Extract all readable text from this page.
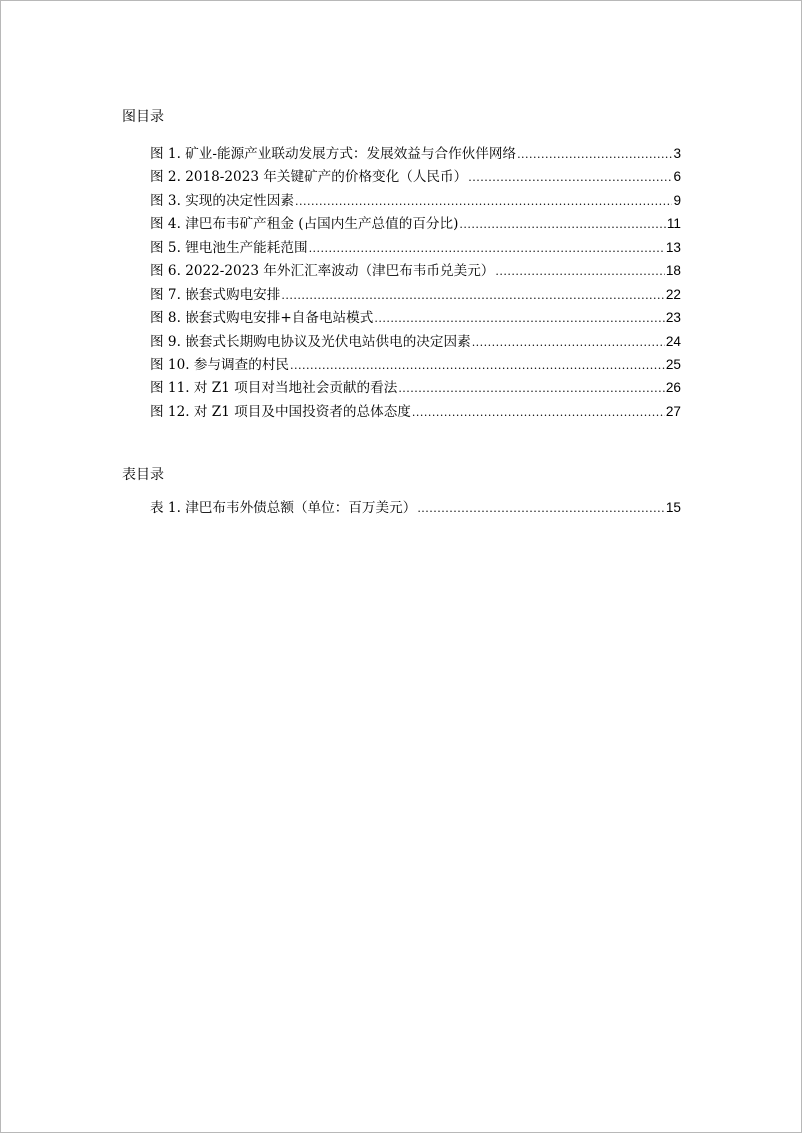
图目录
图 1. 矿业-能源产业联动发展方式：发展效益与合作伙伴网络 .....	3
图 2. 2018-2023 年关键矿产的价格变化（人民币） .....	6
图 3. 实现的决定性因素 .....	9
图 4. 津巴布韦矿产租金 (占国内生产总值的百分比) .....	11
图 5. 锂电池生产能耗范围 .....	13
图 6. 2022-2023 年外汇汇率波动（津巴布韦币兑美元） .....	18
图 7. 嵌套式购电安排 .....	22
图 8. 嵌套式购电安排+自备电站模式 .....	23
图 9. 嵌套式长期购电协议及光伏电站供电的决定因素 .....	24
图 10. 参与调查的村民 .....	25
图 11. 对 Z1 项目对当地社会贡献的看法 .....	26
图 12. 对 Z1 项目及中国投资者的总体态度 .....	27
表目录
表 1. 津巴布韦外债总额（单位：百万美元） .....	15
